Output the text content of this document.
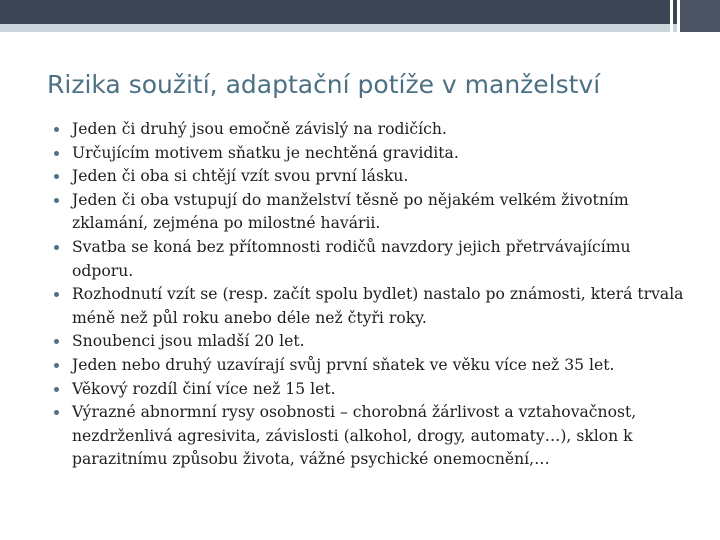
Rizika soužití, adaptační potíže v manželství
Jeden či druhý jsou emočně závislý na rodičích.
Určujícím motivem sňatku je nechtěná gravidita.
Jeden či oba si chtějí vzít svou první lásku.
Jeden či oba vstupují do manželství těsně po nějakém velkém životním zklamání, zejména po milostné havárii.
Svatba se koná bez přítomnosti rodičů navzdory jejich přetrvávajícímu odporu.
Rozhodnutí vzít se (resp. začít spolu bydlet) nastalo po známosti, která trvala méně než půl roku anebo déle než čtyři roky.
Snoubenci jsou mladší 20 let.
Jeden nebo druhý uzavírají svůj první sňatek ve věku více než 35 let.
Věkový rozdíl činí více než 15 let.
Výrazné abnormní rysy osobnosti – chorobná žárlivost a vztahovačnost, nezdrženlivá agresivita, závislosti (alkohol, drogy, automaty…), sklon k parazitnímu způsobu života, vážné psychické onemocnění,…
